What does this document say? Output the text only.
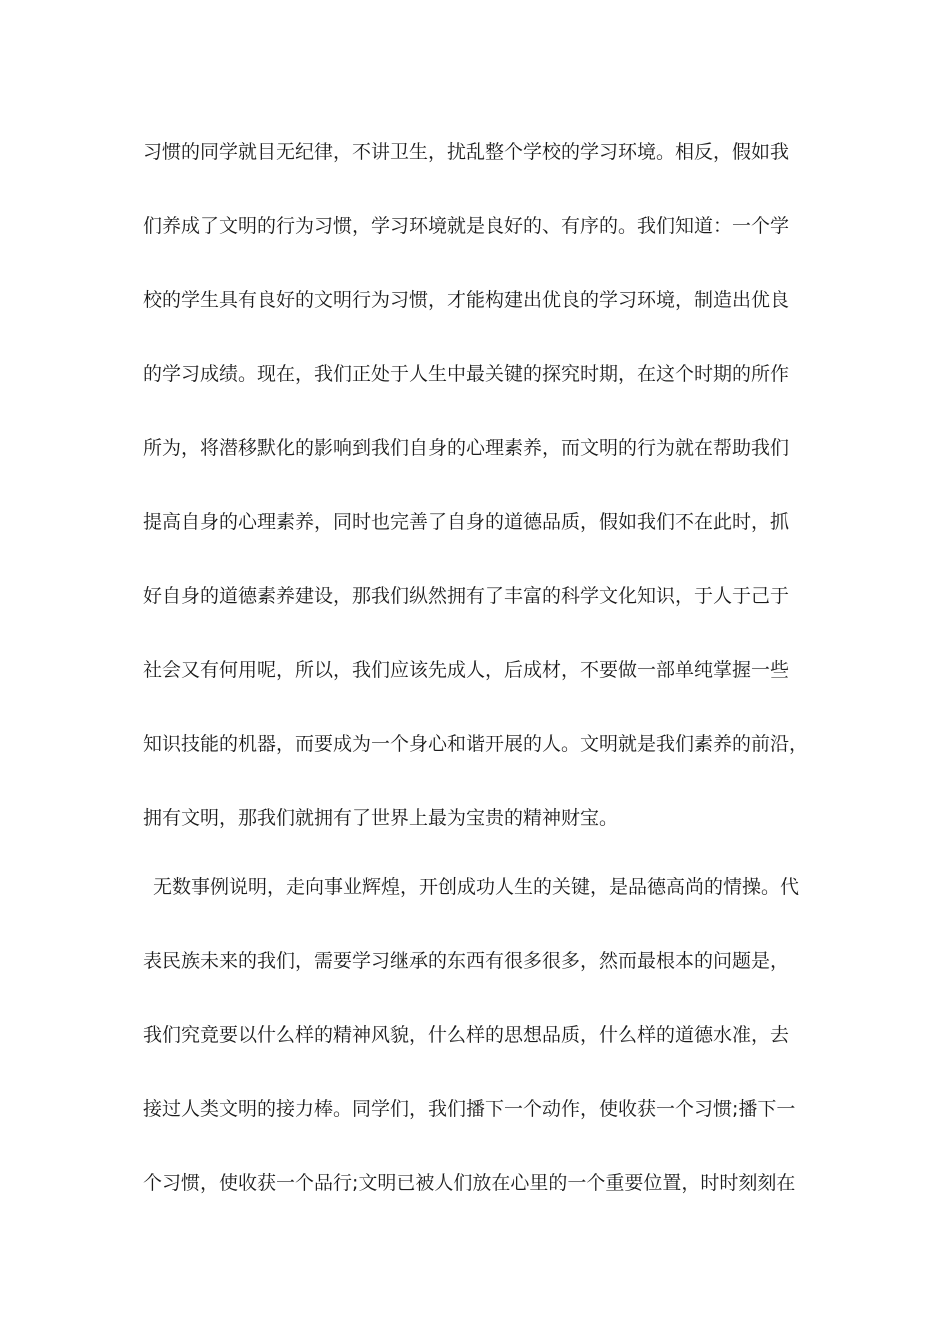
习惯的同学就目无纪律，不讲卫生，扰乱整个学校的学习环境。相反，假如我
们养成了文明的行为习惯，学习环境就是良好的、有序的。我们知道：一个学
校的学生具有良好的文明行为习惯，才能构建出优良的学习环境，制造出优良
的学习成绩。现在，我们正处于人生中最关键的探究时期，在这个时期的所作
所为，将潜移默化的影响到我们自身的心理素养，而文明的行为就在帮助我们
提高自身的心理素养，同时也完善了自身的道德品质，假如我们不在此时，抓
好自身的道德素养建设，那我们纵然拥有了丰富的科学文化知识，于人于己于
社会又有何用呢，所以，我们应该先成人，后成材，不要做一部单纯掌握一些
知识技能的机器，而要成为一个身心和谐开展的人。文明就是我们素养的前沿，
拥有文明，那我们就拥有了世界上最为宝贵的精神财宝。
无数事例说明，走向事业辉煌，开创成功人生的关键，是品德高尚的情操。代
表民族未来的我们，需要学习继承的东西有很多很多，然而最根本的问题是，
我们究竟要以什么样的精神风貌，什么样的思想品质，什么样的道德水准，去
接过人类文明的接力棒。同学们，我们播下一个动作，使收获一个习惯;播下一
个习惯，使收获一个品行;文明已被人们放在心里的一个重要位置，时时刻刻在
